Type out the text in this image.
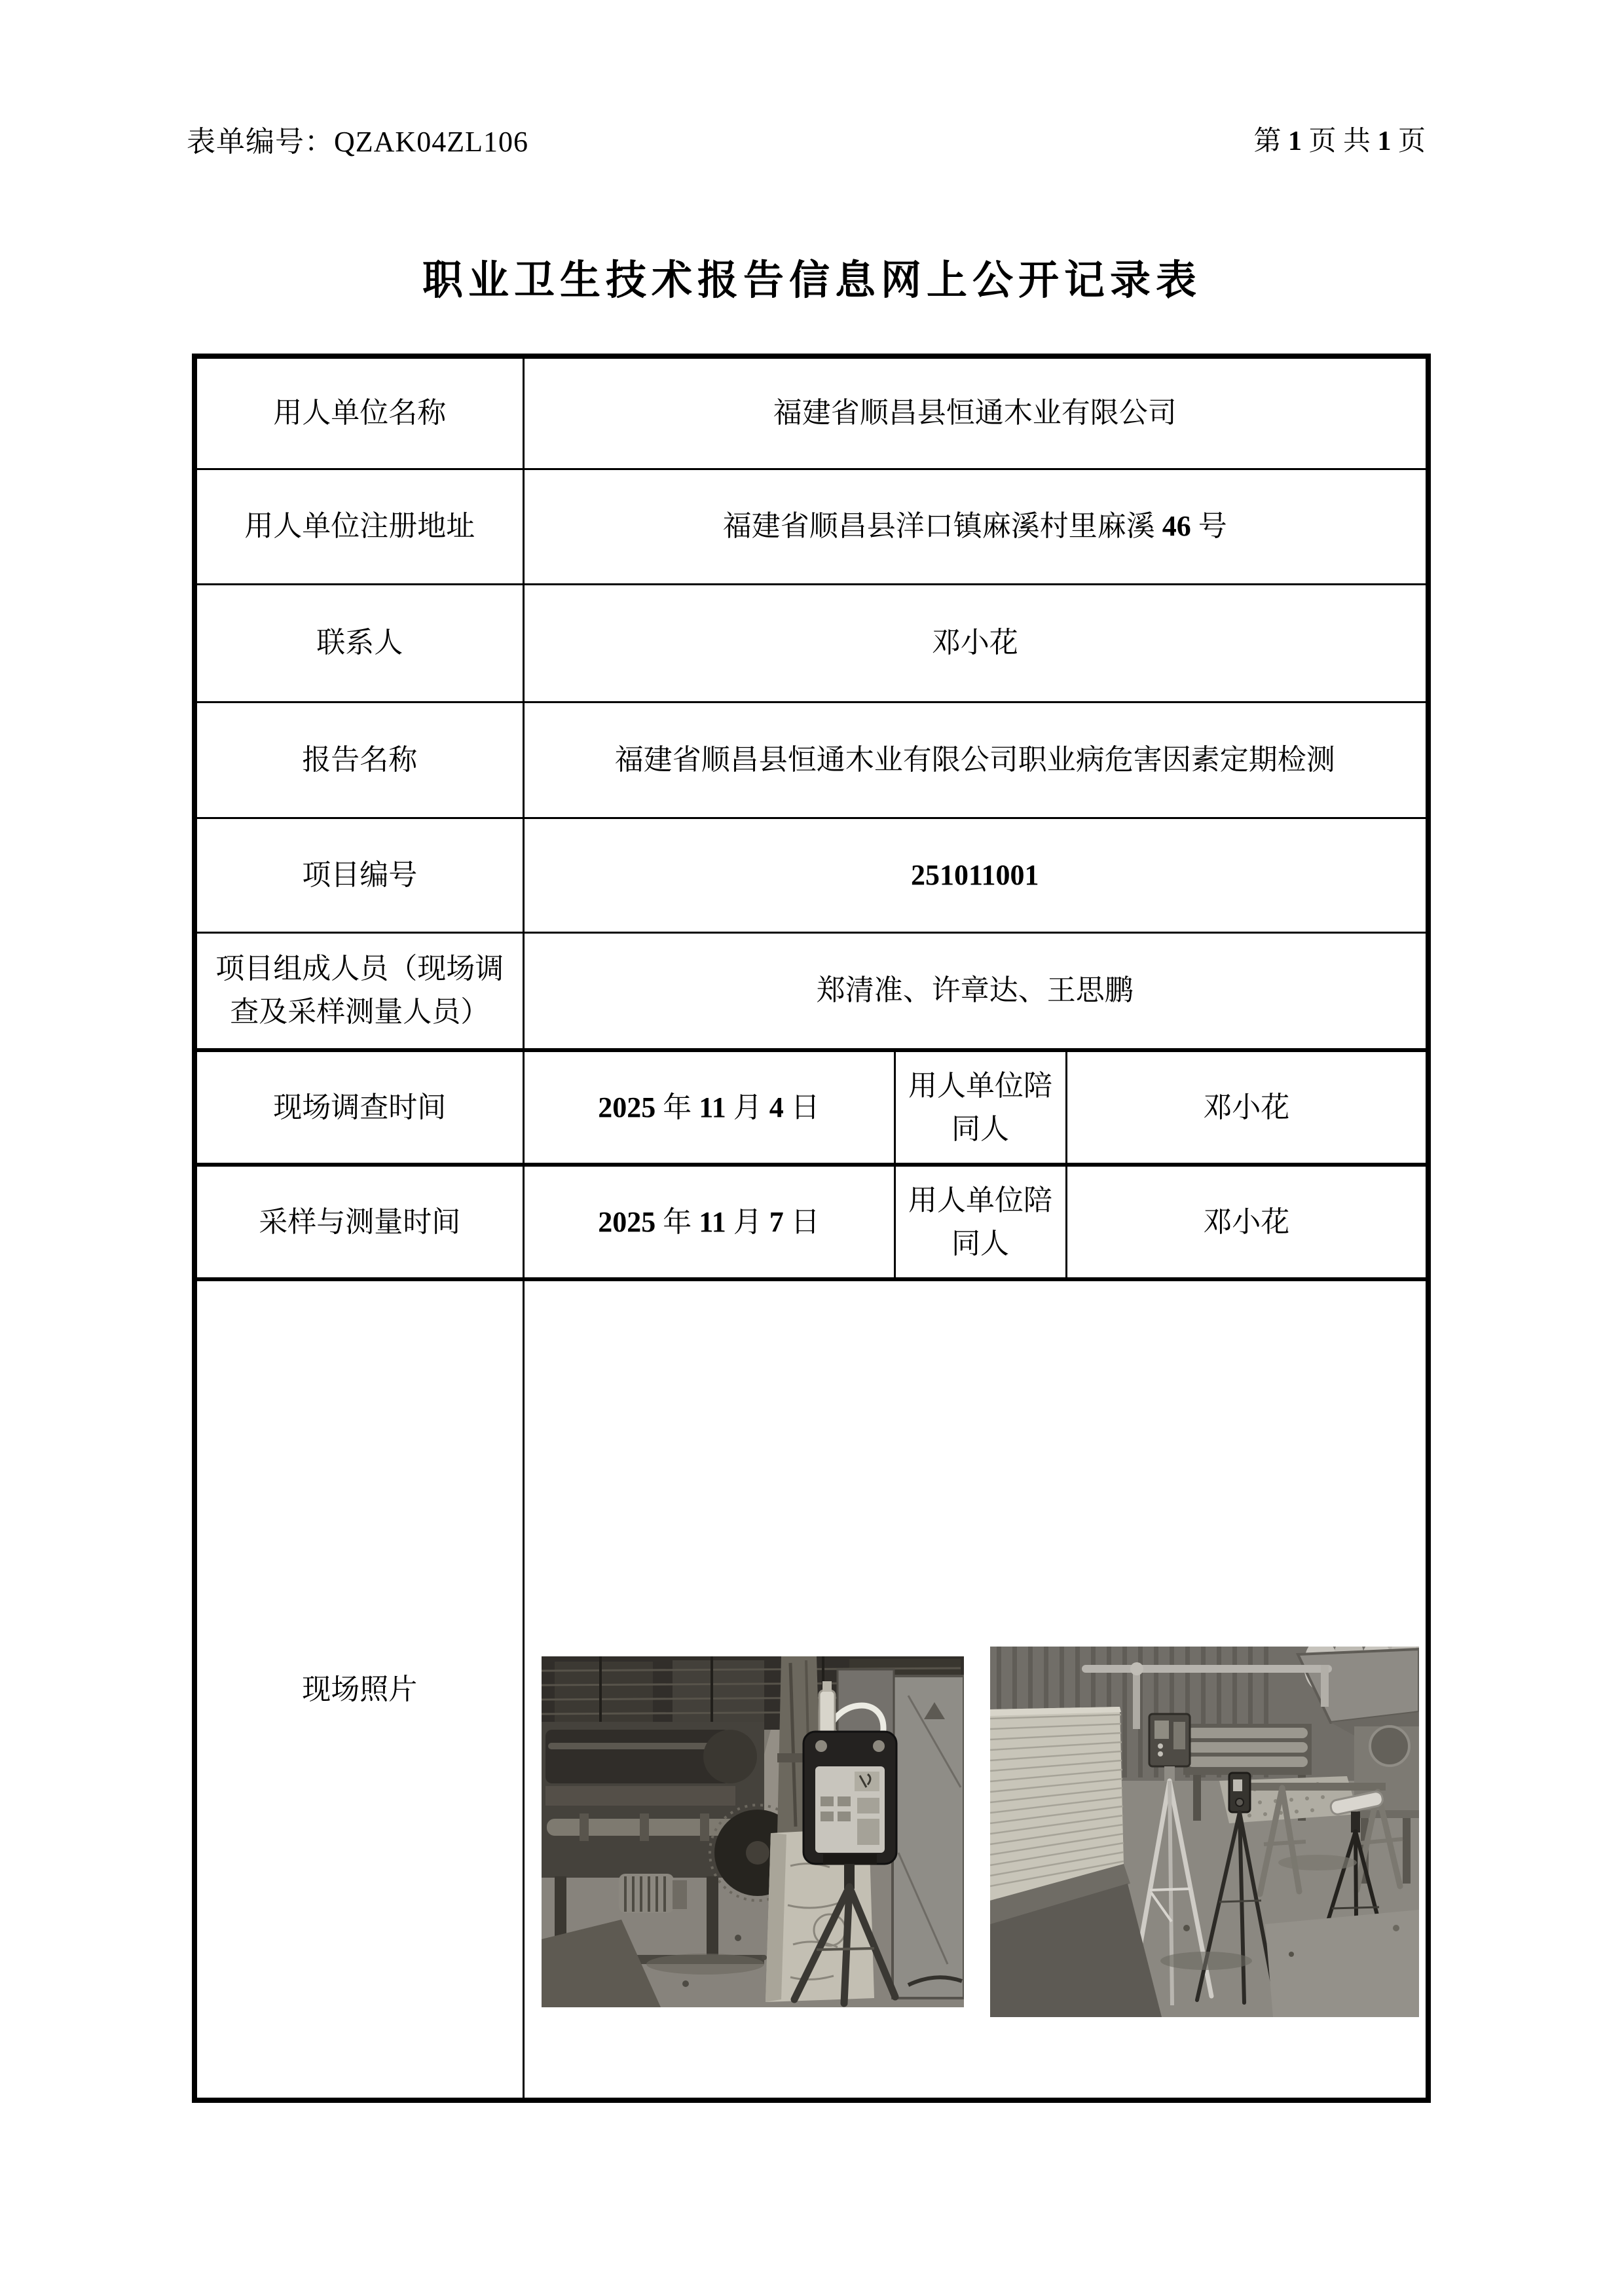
表单编号：QZAK04ZL106	第 1 页 共 1 页
职业卫生技术报告信息网上公开记录表
用人单位名称	福建省顺昌县恒通木业有限公司		
用人单位注册地址	福建省顺昌县洋口镇麻溪村里麻溪 46 号		
联系人	邓小花		
报告名称	福建省顺昌县恒通木业有限公司职业病危害因素定期检测		
项目编号	251011001		
项目组成人员（现场调查及采样测量人员）	郑清准、许章达、王思鹏		
现场调查时间	2025 年 11 月 4 日	用人单位陪同人	邓小花
采样与测量时间	2025 年 11 月 7 日	用人单位陪同人	邓小花
现场照片	
